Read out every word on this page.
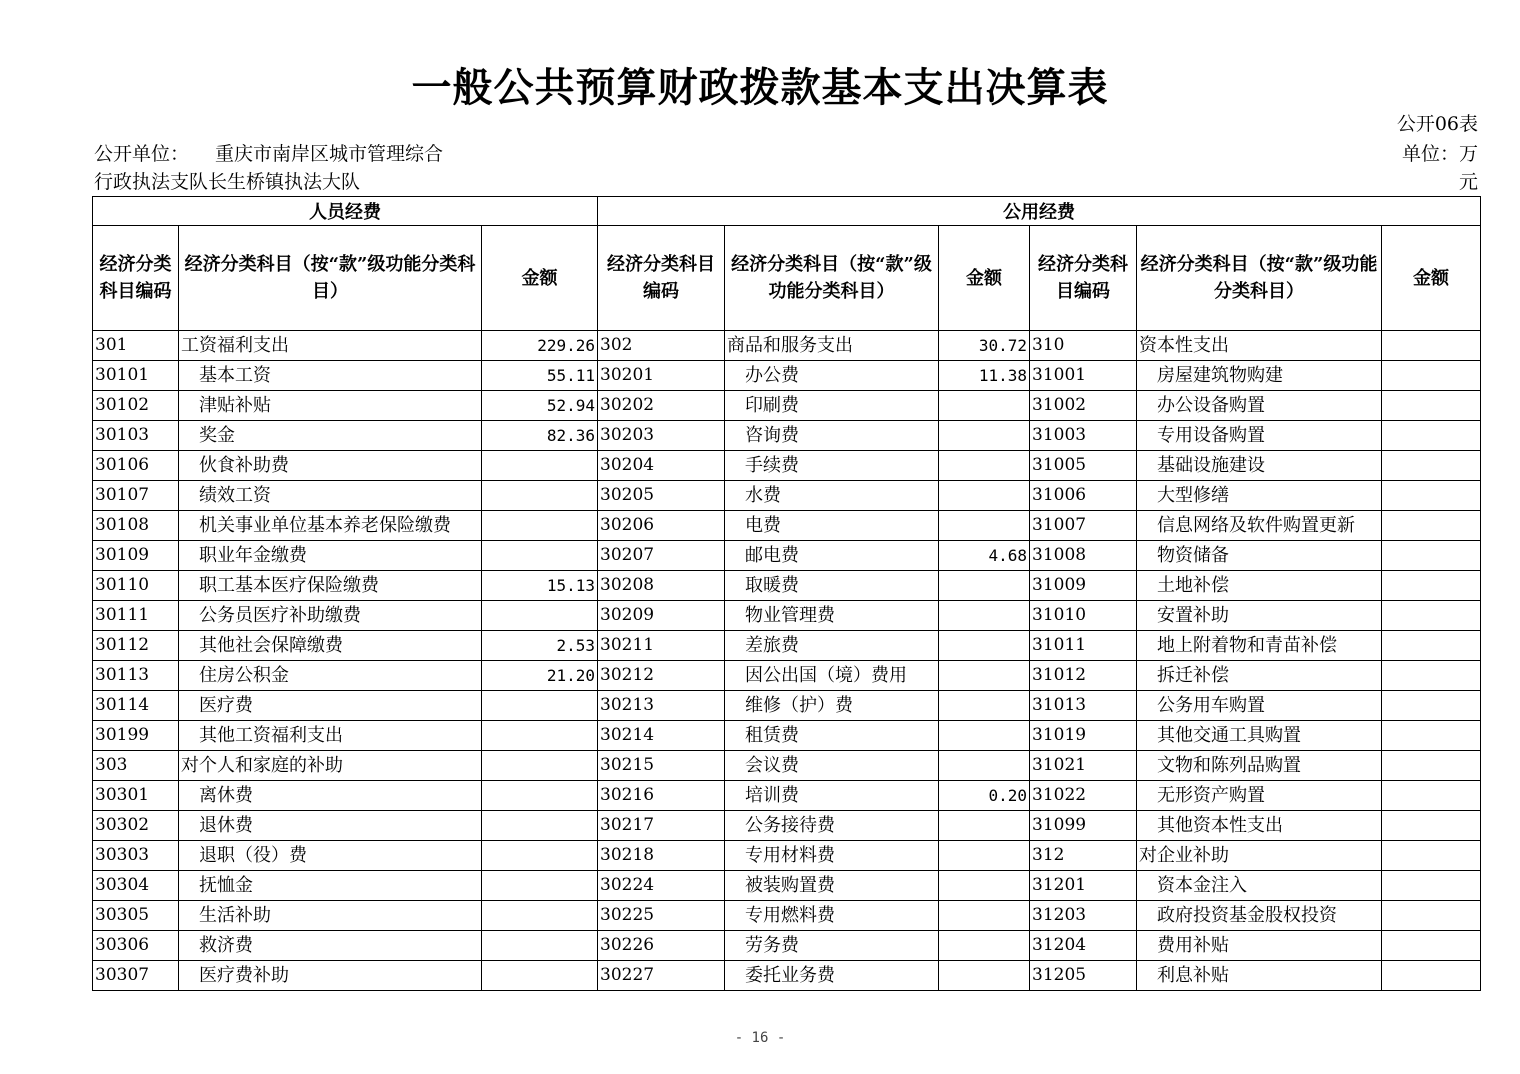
一般公共预算财政拨款基本支出决算表
公开06表
公开单位： 重庆市南岸区城市管理综合
行政执法支队长生桥镇执法大队
单位：万
元
人员经费			公用经费					
经济分类科目编码	经济分类科目（按“款”级功能分类科目）	金额	经济分类科目编码	经济分类科目（按“款”级功能分类科目）	金额	经济分类科目编码	经济分类科目（按“款”级功能分类科目）	金额
301	工资福利支出	229.26	302	商品和服务支出	30.72	310	资本性支出	
30101	基本工资	55.11	30201	办公费	11.38	31001	房屋建筑物购建	
30102	津贴补贴	52.94	30202	印刷费		31002	办公设备购置	
30103	奖金	82.36	30203	咨询费		31003	专用设备购置	
30106	伙食补助费		30204	手续费		31005	基础设施建设	
30107	绩效工资		30205	水费		31006	大型修缮	
30108	机关事业单位基本养老保险缴费		30206	电费		31007	信息网络及软件购置更新	
30109	职业年金缴费		30207	邮电费	4.68	31008	物资储备	
30110	职工基本医疗保险缴费	15.13	30208	取暖费		31009	土地补偿	
30111	公务员医疗补助缴费		30209	物业管理费		31010	安置补助	
30112	其他社会保障缴费	2.53	30211	差旅费		31011	地上附着物和青苗补偿	
30113	住房公积金	21.20	30212	因公出国（境）费用		31012	拆迁补偿	
30114	医疗费		30213	维修（护）费		31013	公务用车购置	
30199	其他工资福利支出		30214	租赁费		31019	其他交通工具购置	
303	对个人和家庭的补助		30215	会议费		31021	文物和陈列品购置	
30301	离休费		30216	培训费	0.20	31022	无形资产购置	
30302	退休费		30217	公务接待费		31099	其他资本性支出	
30303	退职（役）费		30218	专用材料费		312	对企业补助	
30304	抚恤金		30224	被装购置费		31201	资本金注入	
30305	生活补助		30225	专用燃料费		31203	政府投资基金股权投资	
30306	救济费		30226	劳务费		31204	费用补贴	
30307	医疗费补助		30227	委托业务费		31205	利息补贴	
- 16 -
